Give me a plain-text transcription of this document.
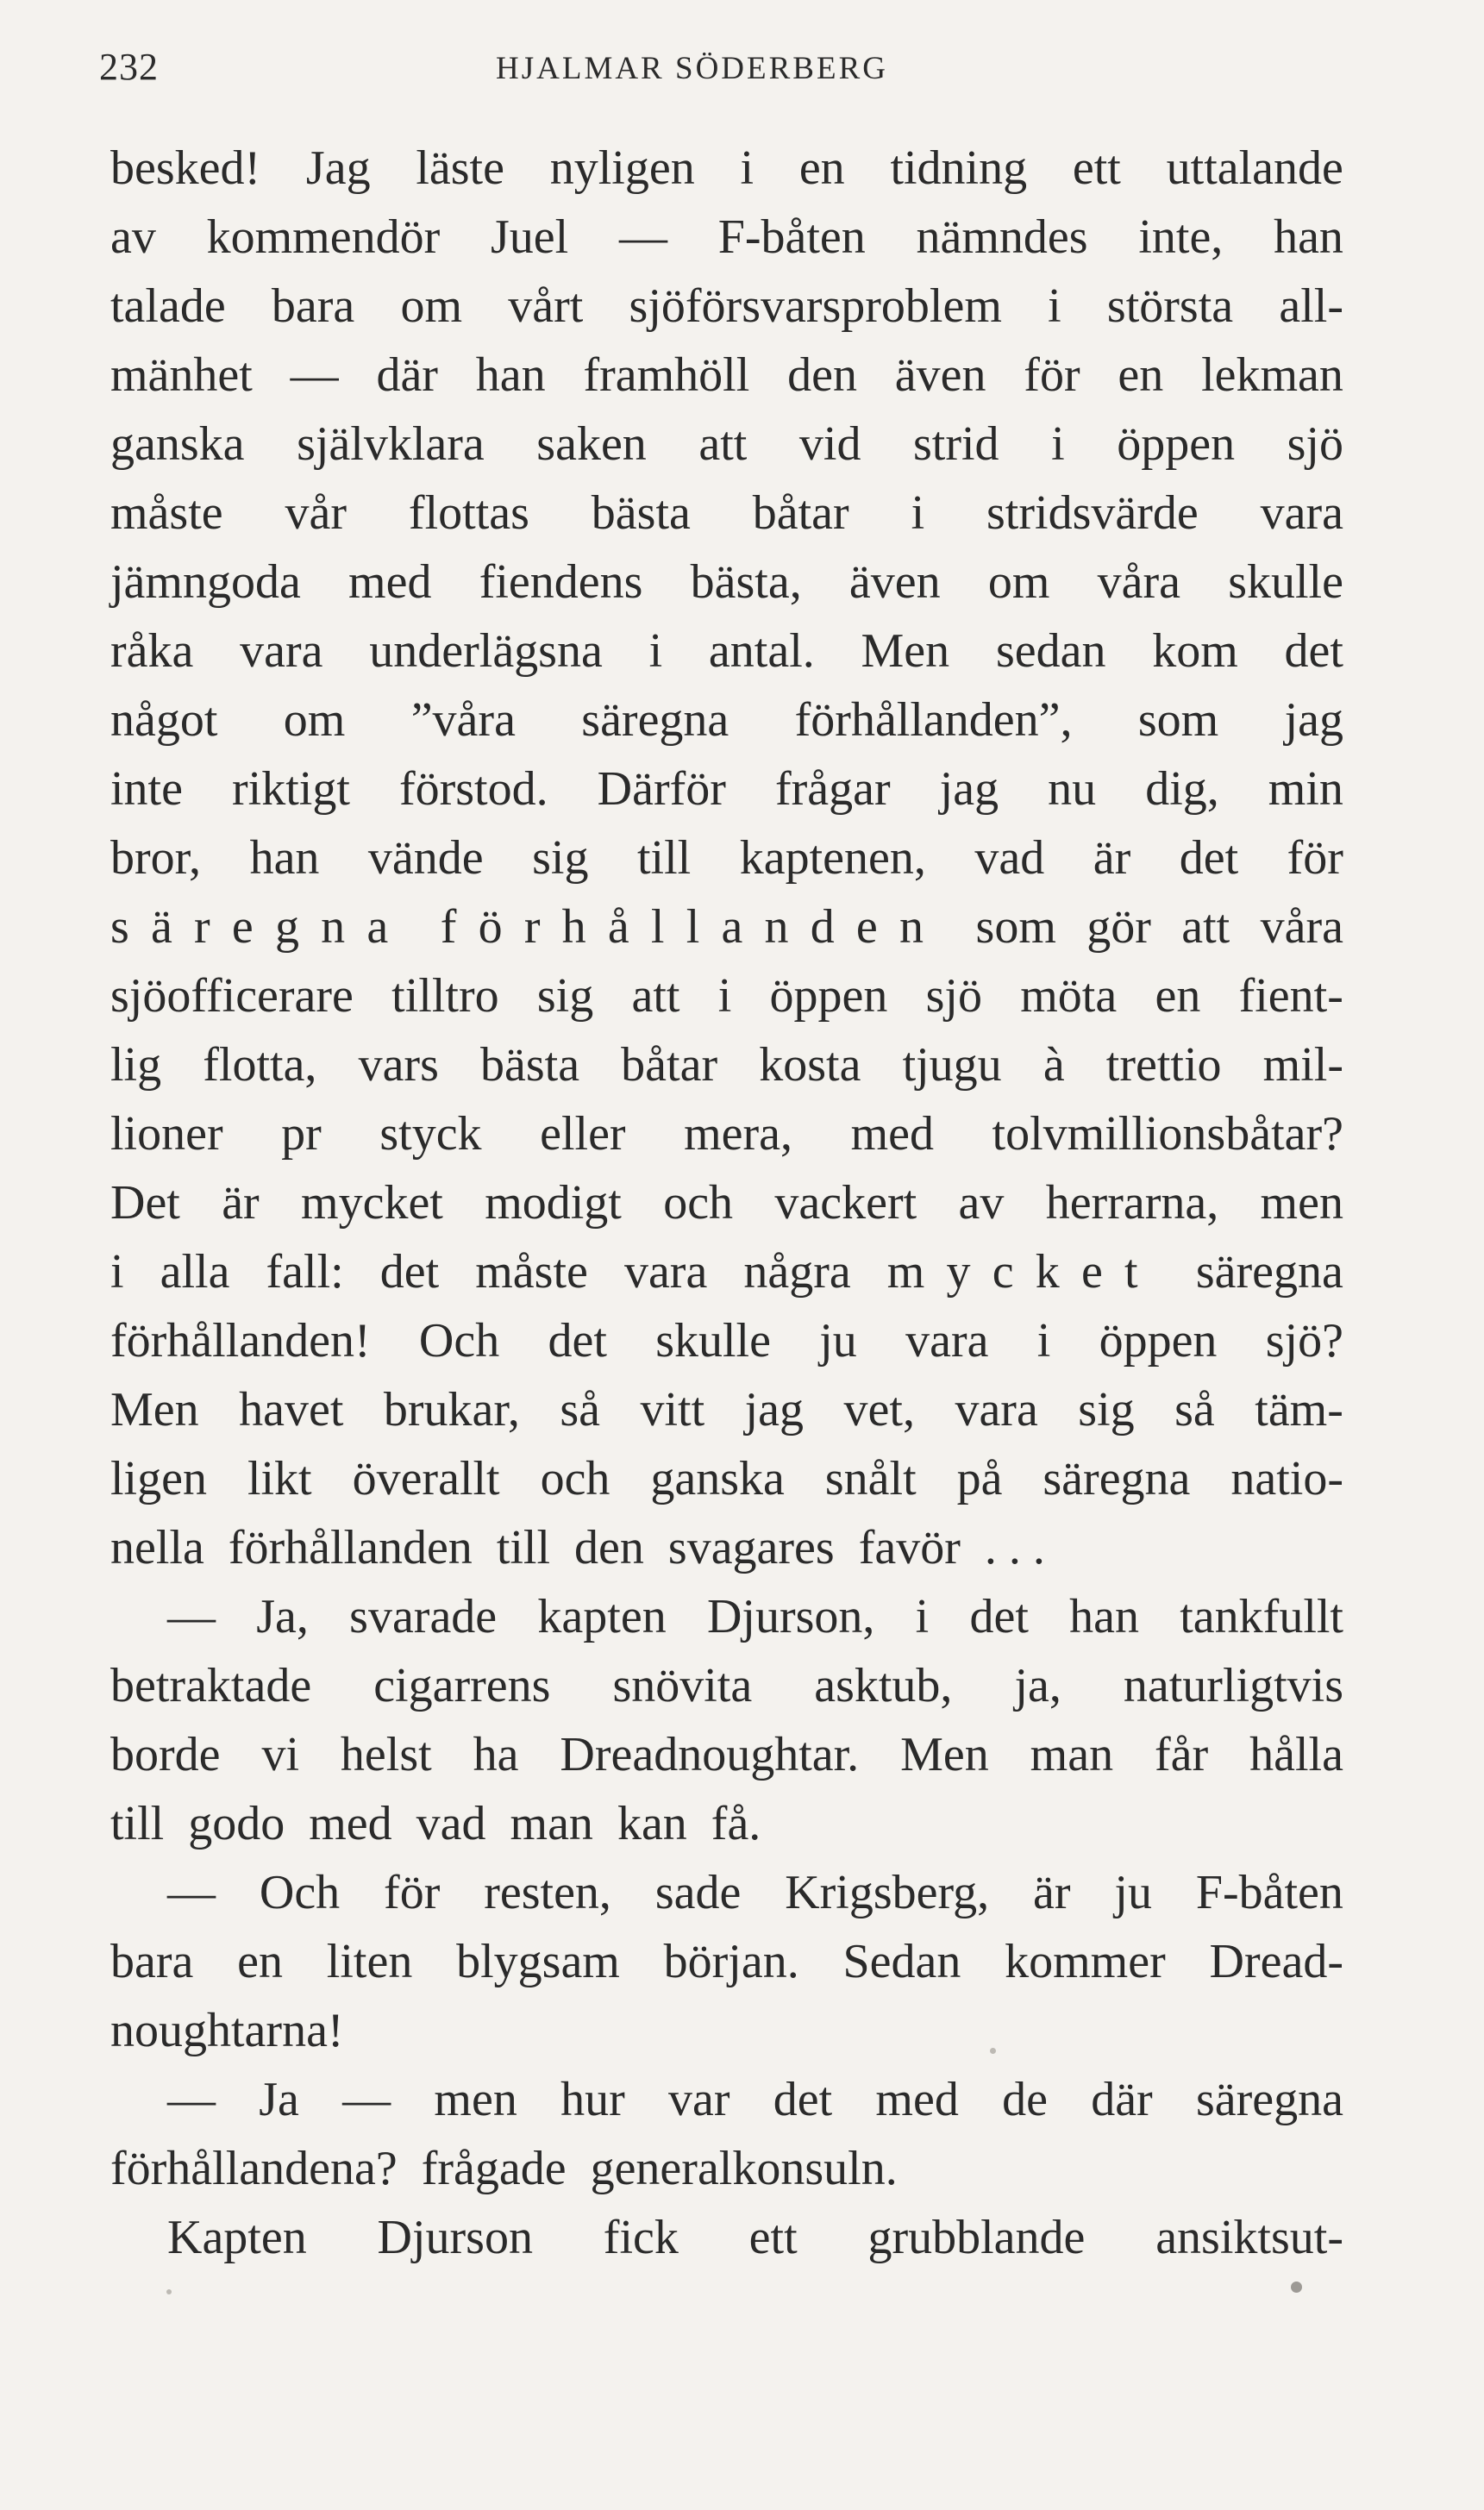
232	HJALMAR SÖDERBERG
besked! Jag läste nyligen i en tidning ett uttalande
av kommendör Juel — F-båten nämndes inte, han
talade bara om vårt sjöförsvarsproblem i största all-
mänhet — där han framhöll den även för en lekman
ganska självklara saken att vid strid i öppen sjö
måste vår flottas bästa båtar i stridsvärde vara
jämngoda med fiendens bästa, även om våra skulle
råka vara underlägsna i antal. Men sedan kom det
något om ”våra säregna förhållanden”, som jag
inte riktigt förstod. Därför frågar jag nu dig, min
bror, han vände sig till kaptenen, vad är det för
säregna förhållanden som gör att våra
sjöofficerare tilltro sig att i öppen sjö möta en fient-
lig flotta, vars bästa båtar kosta tjugu à trettio mil-
lioner pr styck eller mera, med tolvmillionsbåtar?
Det är mycket modigt och vackert av herrarna, men
i alla fall: det måste vara några mycket säregna
förhållanden! Och det skulle ju vara i öppen sjö?
Men havet brukar, så vitt jag vet, vara sig så täm-
ligen likt överallt och ganska snålt på säregna natio-
nella förhållanden till den svagares favör . . .
— Ja, svarade kapten Djurson, i det han tankfullt
betraktade cigarrens snövita asktub, ja, naturligtvis
borde vi helst ha Dreadnoughtar. Men man får hålla
till godo med vad man kan få.
— Och för resten, sade Krigsberg, är ju F-båten
bara en liten blygsam början. Sedan kommer Dread-
noughtarna!
— Ja — men hur var det med de där säregna
förhållandena? frågade generalkonsuln.
Kapten Djurson fick ett grubblande ansiktsut-
